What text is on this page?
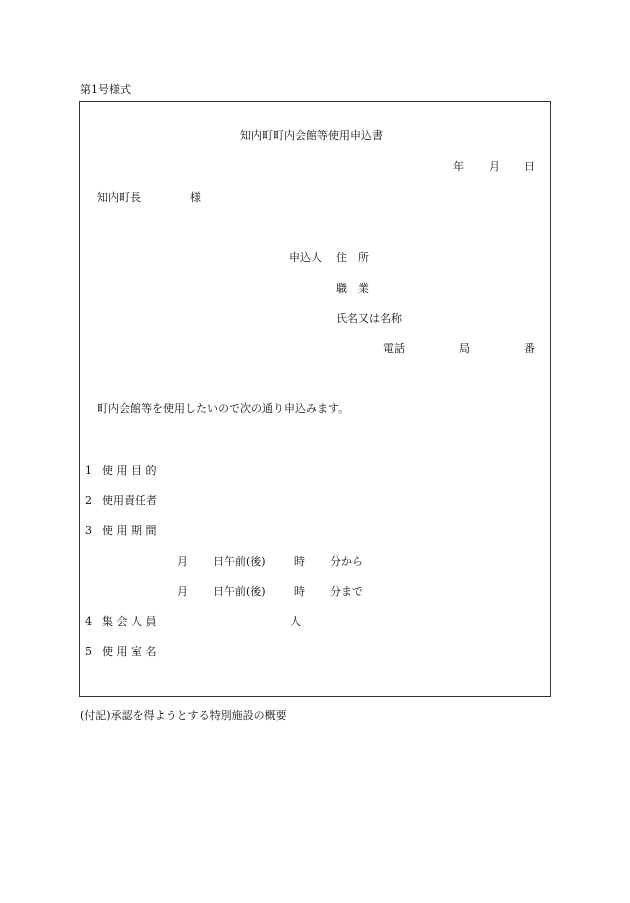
第1号様式
知内町町内会館等使用申込書
年 月 日
知内町長	様
申込人 住　所
職　業
氏名又は名称
電話	局	番
町内会館等を使用したいので次の通り申込みます。
1 使 用 目 的
2 使用責任者
3 使 用 期 間
月 日午前(後)	時 分から
月 日午前(後)	時 分まで
4 集 会 人 員	人
5 使 用 室 名
(付記)承認を得ようとする特別施設の概要
